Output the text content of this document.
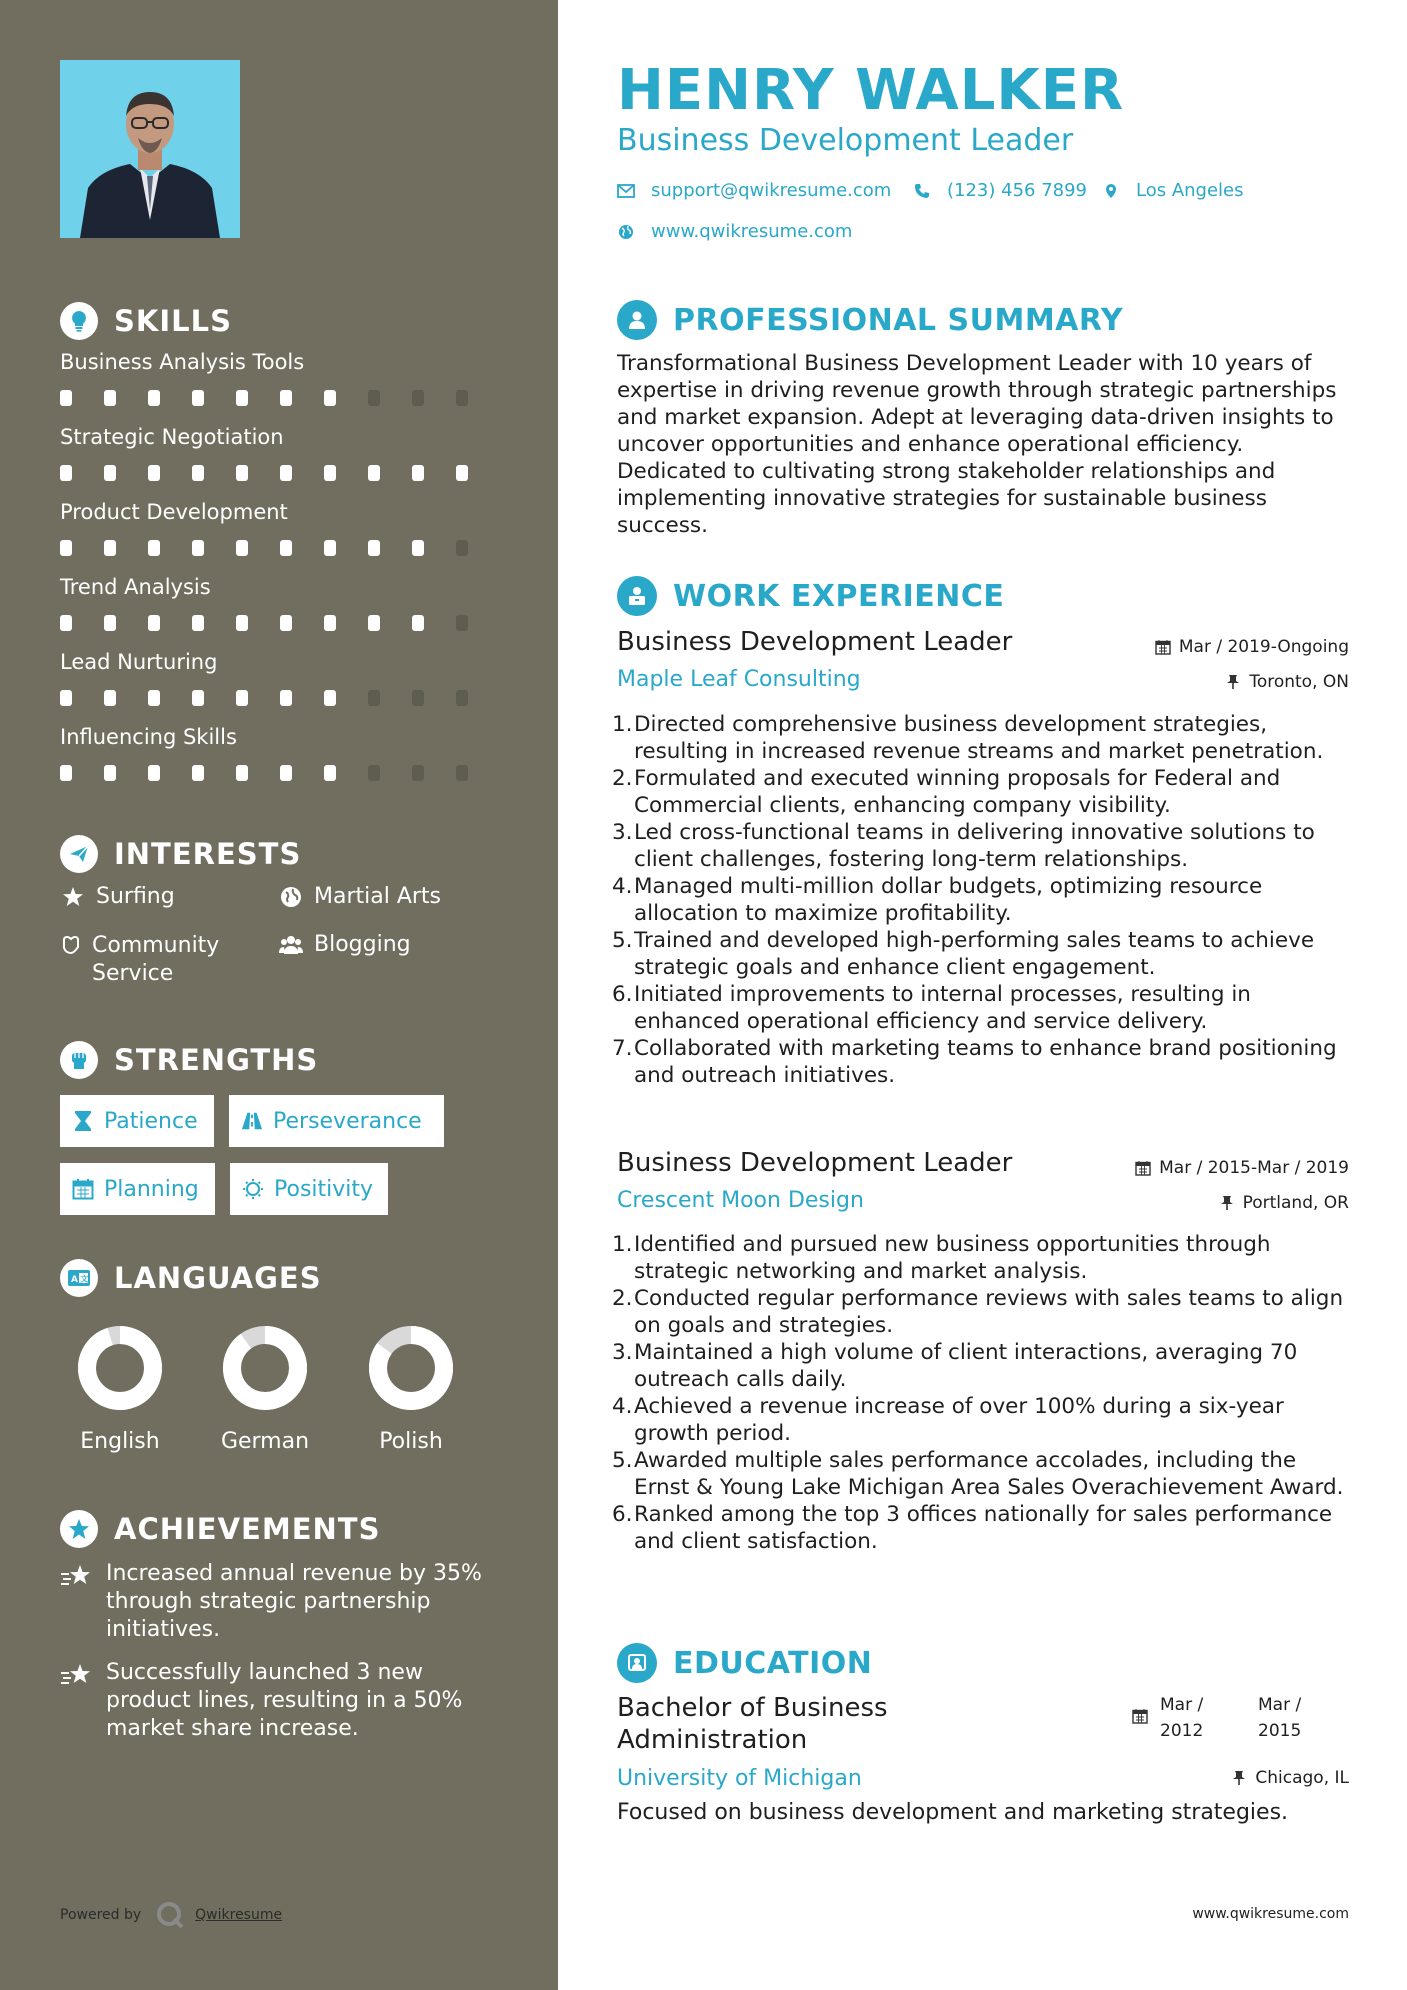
SKILLS
Business Analysis Tools
Strategic Negotiation
Product Development
Trend Analysis
Lead Nurturing
Influencing Skills
INTERESTS
Surfing	Martial Arts
Community Service
Blogging
STRENGTHS
Patience	Perseverance
Planning	Positivity
A 文 LANGUAGES
English	German	Polish
ACHIEVEMENTS
Increased annual revenue by 35% through strategic partnership initiatives.
Successfully launched 3 new product lines, resulting in a 50% market share increase.
Powered by	Qwikresume
HENRY WALKER
Business Development Leader
support@qwikresume.com	(123) 456 7899	Los Angeles
www.qwikresume.com
PROFESSIONAL SUMMARY
Transformational Business Development Leader with 10 years of expertise in driving revenue growth through strategic partnerships and market expansion. Adept at leveraging data-driven insights to uncover opportunities and enhance operational efficiency. Dedicated to cultivating strong stakeholder relationships and implementing innovative strategies for sustainable business success.
WORK EXPERIENCE
Business Development Leader
Maple Leaf Consulting
Mar / 2019-Ongoing
Toronto, ON
1. Directed comprehensive business development strategies, resulting in increased revenue streams and market penetration.
2. Formulated and executed winning proposals for Federal and Commercial clients, enhancing company visibility.
3. Led cross-functional teams in delivering innovative solutions to client challenges, fostering long-term relationships.
4. Managed multi-million dollar budgets, optimizing resource allocation to maximize profitability.
5. Trained and developed high-performing sales teams to achieve strategic goals and enhance client engagement.
6. Initiated improvements to internal processes, resulting in enhanced operational efficiency and service delivery.
7. Collaborated with marketing teams to enhance brand positioning and outreach initiatives.
Business Development Leader
Crescent Moon Design
Mar / 2015-Mar / 2019
Portland, OR
1. Identified and pursued new business opportunities through strategic networking and market analysis.
2. Conducted regular performance reviews with sales teams to align on goals and strategies.
3. Maintained a high volume of client interactions, averaging 70 outreach calls daily.
4. Achieved a revenue increase of over 100% during a six-year growth period.
5. Awarded multiple sales performance accolades, including the Ernst & Young Lake Michigan Area Sales Overachievement Award.
6. Ranked among the top 3 offices nationally for sales performance and client satisfaction.
EDUCATION
Bachelor of Business
Administration
University of Michigan
Mar /
2012
Mar /
2015
Chicago, IL
Focused on business development and marketing strategies.
www.qwikresume.com
